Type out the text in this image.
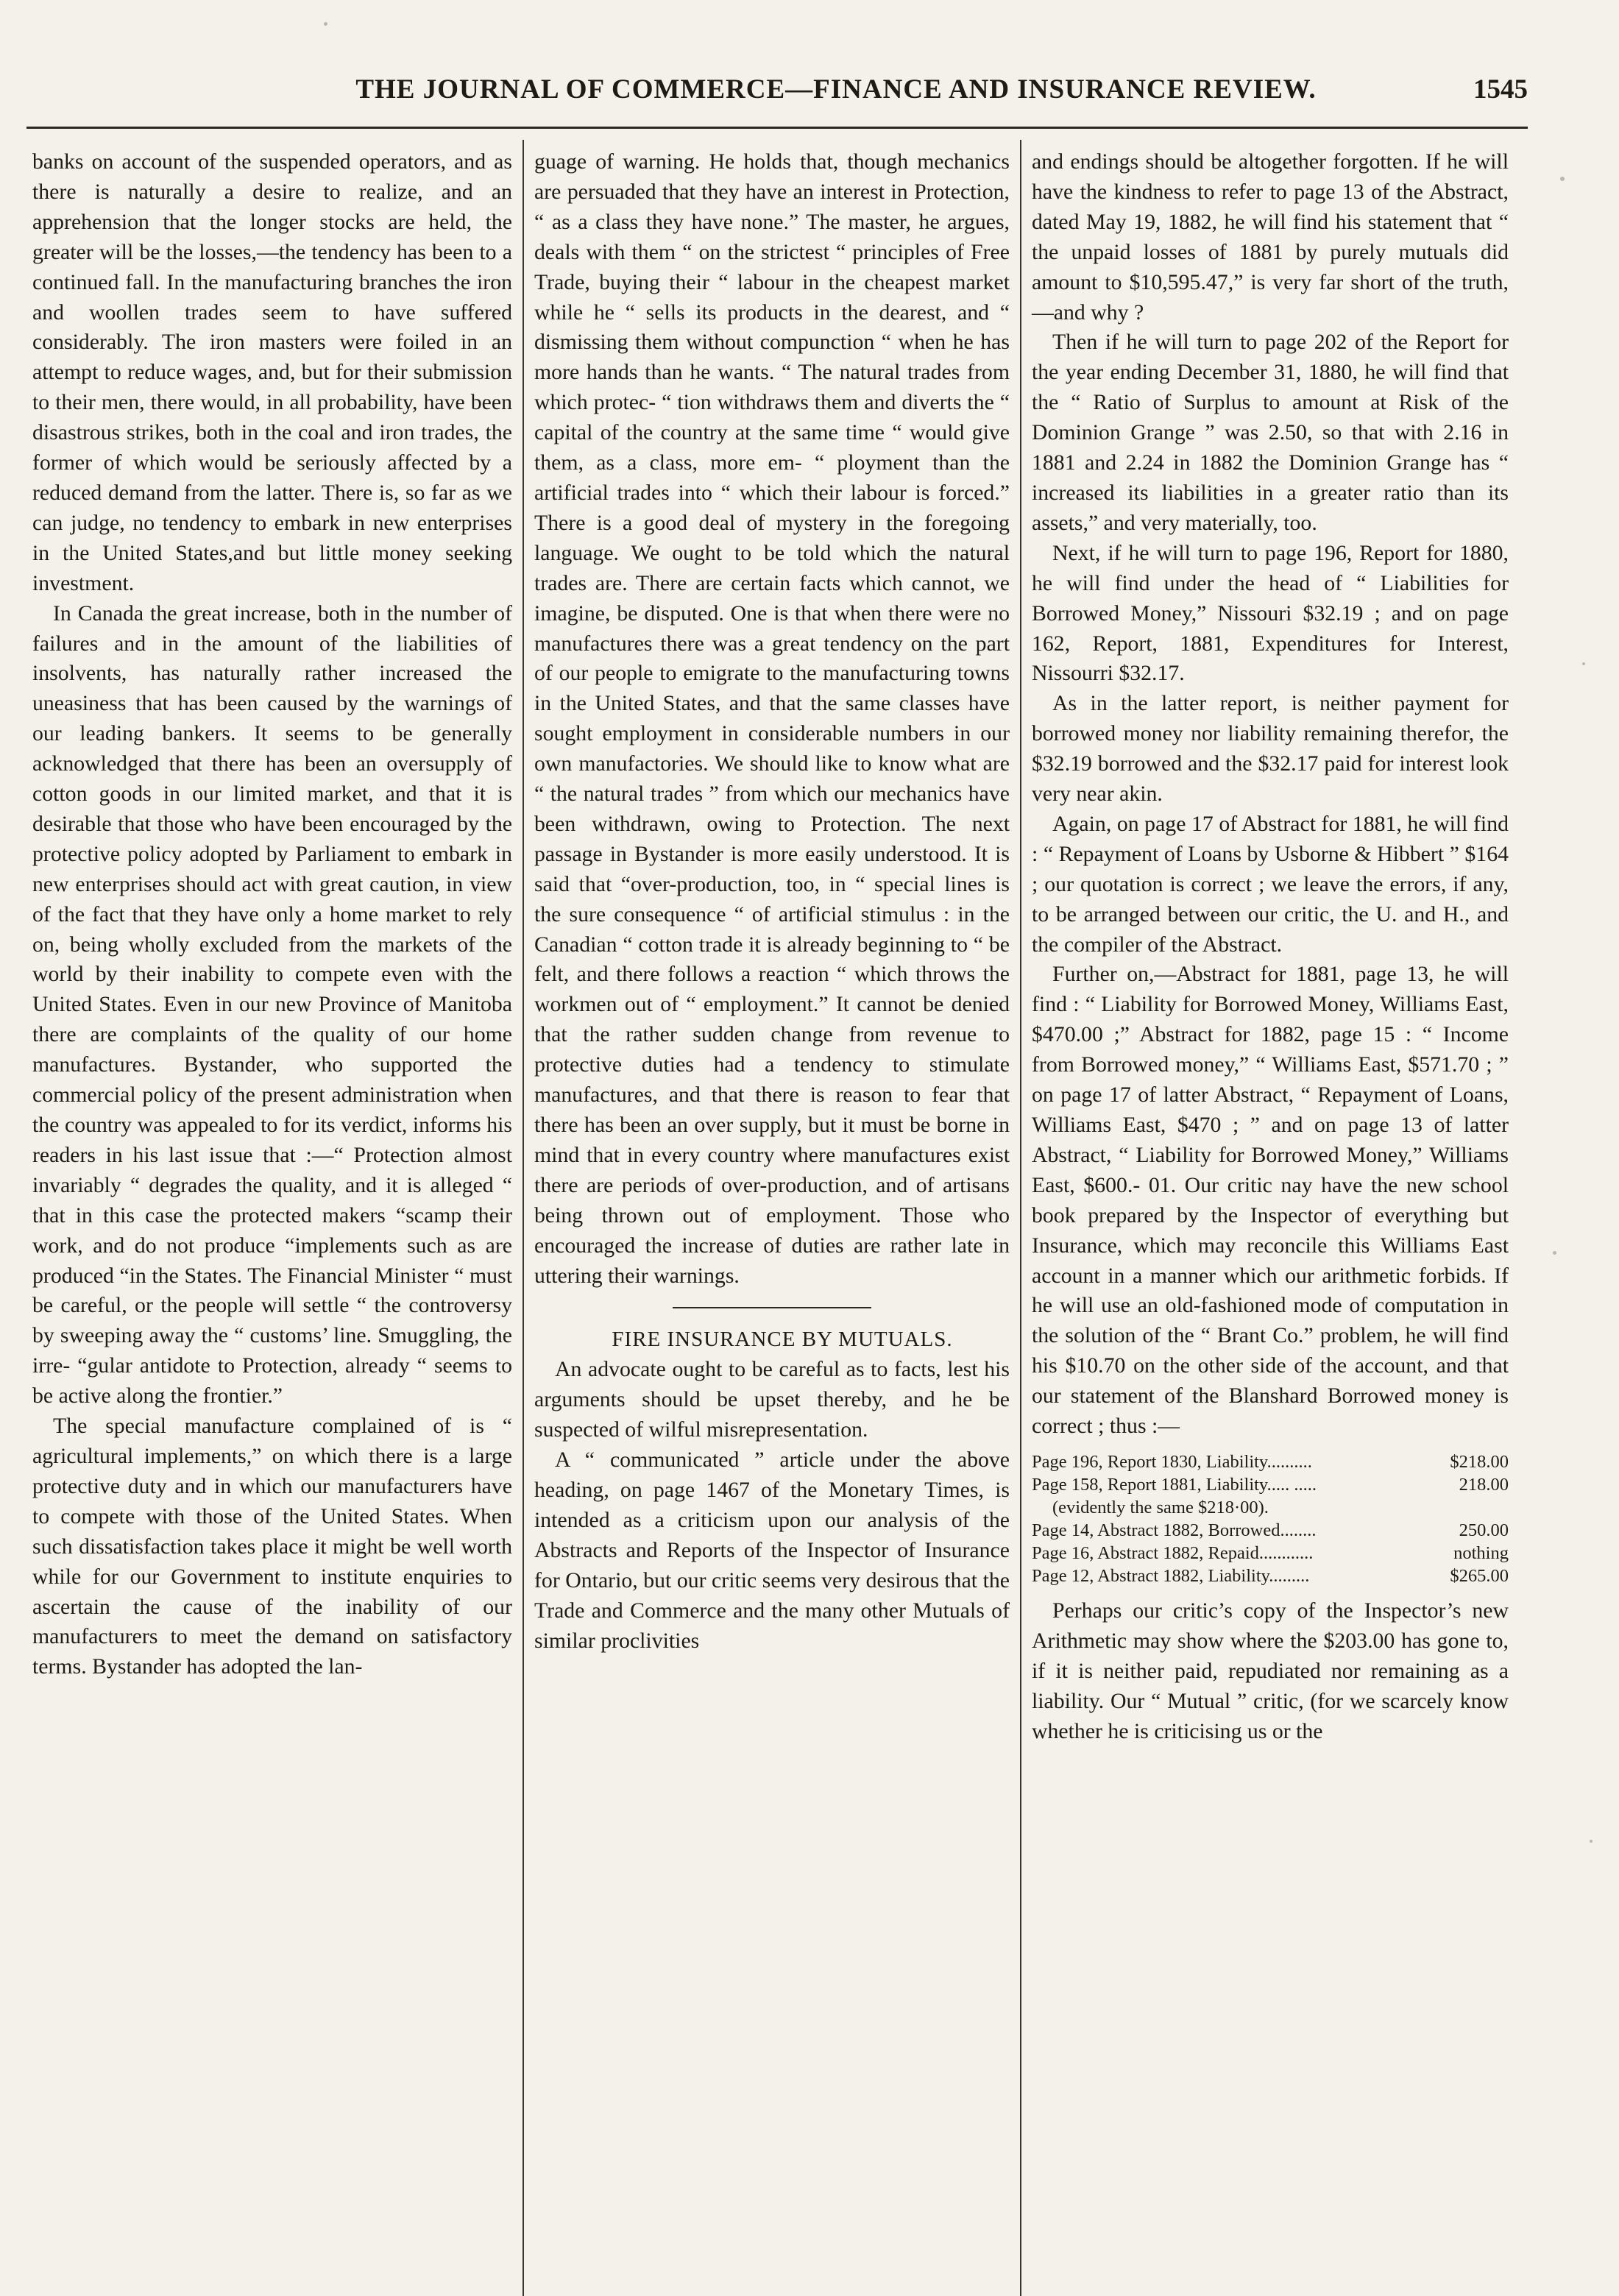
THE JOURNAL OF COMMERCE—FINANCE AND INSURANCE REVIEW.	1545

banks on account of the suspended operators, and as there is naturally a desire to realize, and an apprehension that the longer stocks are held, the greater will be the losses,—the tendency has been to a continued fall. In the manufacturing branches the iron and woollen trades seem to have suffered considerably. The iron masters were foiled in an attempt to reduce wages, and, but for their submission to their men, there would, in all probability, have been disastrous strikes, both in the coal and iron trades, the former of which would be seriously affected by a reduced demand from the latter. There is, so far as we can judge, no tendency to embark in new enterprises in the United States,and but little money seeking investment.

In Canada the great increase, both in the number of failures and in the amount of the liabilities of insolvents, has naturally rather increased the uneasiness that has been caused by the warnings of our leading bankers. It seems to be generally acknowledged that there has been an oversupply of cotton goods in our limited market, and that it is desirable that those who have been encouraged by the protective policy adopted by Parliament to embark in new enterprises should act with great caution, in view of the fact that they have only a home market to rely on, being wholly excluded from the markets of the world by their inability to compete even with the United States. Even in our new Province of Manitoba there are complaints of the quality of our home manufactures. Bystander, who supported the commercial policy of the present administration when the country was appealed to for its verdict, informs his readers in his last issue that :—“ Protection almost invariably “ degrades the quality, and it is alleged “ that in this case the protected makers “scamp their work, and do not produce “implements such as are produced “in the States. The Financial Minister “ must be careful, or the people will settle “ the controversy by sweeping away the “ customs’ line. Smuggling, the irre- “gular antidote to Protection, already “ seems to be active along the frontier.”

The special manufacture complained of is “ agricultural implements,” on which there is a large protective duty and in which our manufacturers have to compete with those of the United States. When such dissatisfaction takes place it might be well worth while for our Government to institute enquiries to ascertain the cause of the inability of our manufacturers to meet the demand on satisfactory terms. Bystander has adopted the lan-

guage of warning. He holds that, though mechanics are persuaded that they have an interest in Protection, “ as a class they have none.” The master, he argues, deals with them “ on the strictest “ principles of Free Trade, buying their “ labour in the cheapest market while he “ sells its products in the dearest, and “ dismissing them without compunction “ when he has more hands than he wants. “ The natural trades from which protec- “ tion withdraws them and diverts the “ capital of the country at the same time “ would give them, as a class, more em- “ ployment than the artificial trades into “ which their labour is forced.” There is a good deal of mystery in the foregoing language. We ought to be told which the natural trades are. There are certain facts which cannot, we imagine, be disputed. One is that when there were no manufactures there was a great tendency on the part of our people to emigrate to the manufacturing towns in the United States, and that the same classes have sought employment in considerable numbers in our own manufactories. We should like to know what are “ the natural trades ” from which our mechanics have been withdrawn, owing to Protection. The next passage in Bystander is more easily understood. It is said that “over-production, too, in “ special lines is the sure consequence “ of artificial stimulus : in the Canadian “ cotton trade it is already beginning to “ be felt, and there follows a reaction “ which throws the workmen out of “ employment.” It cannot be denied that the rather sudden change from revenue to protective duties had a tendency to stimulate manufactures, and that there is reason to fear that there has been an over supply, but it must be borne in mind that in every country where manufactures exist there are periods of over-production, and of artisans being thrown out of employment. Those who encouraged the increase of duties are rather late in uttering their warnings.

FIRE INSURANCE BY MUTUALS.

An advocate ought to be careful as to facts, lest his arguments should be upset thereby, and he be suspected of wilful misrepresentation.

A “ communicated ” article under the above heading, on page 1467 of the Monetary Times, is intended as a criticism upon our analysis of the Abstracts and Reports of the Inspector of Insurance for Ontario, but our critic seems very desirous that the Trade and Commerce and the many other Mutuals of similar proclivities

and endings should be altogether forgotten. If he will have the kindness to refer to page 13 of the Abstract, dated May 19, 1882, he will find his statement that “ the unpaid losses of 1881 by purely mutuals did amount to $10,595.47,” is very far short of the truth,—and why ?

Then if he will turn to page 202 of the Report for the year ending December 31, 1880, he will find that the “ Ratio of Surplus to amount at Risk of the Dominion Grange ” was 2.50, so that with 2.16 in 1881 and 2.24 in 1882 the Dominion Grange has “ increased its liabilities in a greater ratio than its assets,” and very materially, too.

Next, if he will turn to page 196, Report for 1880, he will find under the head of “ Liabilities for Borrowed Money,” Nissouri $32.19 ; and on page 162, Report, 1881, Expenditures for Interest, Nissourri $32.17.

As in the latter report, is neither payment for borrowed money nor liability remaining therefor, the $32.19 borrowed and the $32.17 paid for interest look very near akin.

Again, on page 17 of Abstract for 1881, he will find : “ Repayment of Loans by Usborne & Hibbert ” $164 ; our quotation is correct ; we leave the errors, if any, to be arranged between our critic, the U. and H., and the compiler of the Abstract.

Further on,—Abstract for 1881, page 13, he will find : “ Liability for Borrowed Money, Williams East, $470.00 ;” Abstract for 1882, page 15 : “ Income from Borrowed money,” “ Williams East, $571.70 ; ” on page 17 of latter Abstract, “ Repayment of Loans, Williams East, $470 ; ” and on page 13 of latter Abstract, “ Liability for Borrowed Money,” Williams East, $600.- 01. Our critic nay have the new school book prepared by the Inspector of everything but Insurance, which may reconcile this Williams East account in a manner which our arithmetic forbids. If he will use an old-fashioned mode of computation in the solution of the “ Brant Co.” problem, he will find his $10.70 on the other side of the account, and that our statement of the Blanshard Borrowed money is correct ; thus :—

Page 196, Report 1830, Liability..........	$218.00
Page 158, Report 1881, Liability..... .....	218.00
(evidently the same $218·00).
Page 14, Abstract 1882, Borrowed........	250.00
Page 16, Abstract 1882, Repaid............	nothing
Page 12, Abstract 1882, Liability.........	$265.00

Perhaps our critic’s copy of the Inspector’s new Arithmetic may show where the $203.00 has gone to, if it is neither paid, repudiated nor remaining as a liability. Our “ Mutual ” critic, (for we scarcely know whether he is criticising us or the
